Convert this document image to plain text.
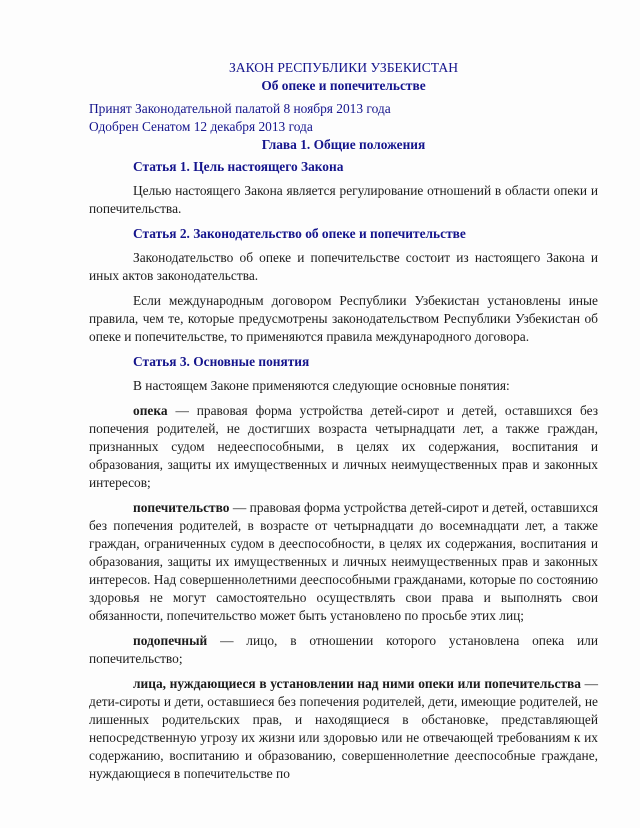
ЗАКОН РЕСПУБЛИКИ УЗБЕКИСТАН

Об опеке и попечительстве

Принят Законодательной палатой 8 ноября 2013 года

Одобрен Сенатом 12 декабря 2013 года

Глава 1. Общие положения

Статья 1. Цель настоящего Закона

Целью настоящего Закона является регулирование отношений в области опеки и попечительства.

Статья 2. Законодательство об опеке и попечительстве

Законодательство об опеке и попечительстве состоит из настоящего Закона и иных актов законодательства.

Если международным договором Республики Узбекистан установлены иные правила, чем те, которые предусмотрены законодательством Республики Узбекистан об опеке и попечительстве, то применяются правила международного договора.

Статья 3. Основные понятия

В настоящем Законе применяются следующие основные понятия:

опека — правовая форма устройства детей-сирот и детей, оставшихся без попечения родителей, не достигших возраста четырнадцати лет, а также граждан, признанных судом недееспособными, в целях их содержания, воспитания и образования, защиты их имущественных и личных неимущественных прав и законных интересов;

попечительство — правовая форма устройства детей-сирот и детей, оставшихся без попечения родителей, в возрасте от четырнадцати до восемнадцати лет, а также граждан, ограниченных судом в дееспособности, в целях их содержания, воспитания и образования, защиты их имущественных и личных неимущественных прав и законных интересов. Над совершеннолетними дееспособными гражданами, которые по состоянию здоровья не могут самостоятельно осуществлять свои права и выполнять свои обязанности, попечительство может быть установлено по просьбе этих лиц;

подопечный — лицо, в отношении которого установлена опека или попечительство;

лица, нуждающиеся в установлении над ними опеки или попечительства — дети-сироты и дети, оставшиеся без попечения родителей, дети, имеющие родителей, не лишенных родительских прав, и находящиеся в обстановке, представляющей непосредственную угрозу их жизни или здоровью или не отвечающей требованиям к их содержанию, воспитанию и образованию, совершеннолетние дееспособные граждане, нуждающиеся в попечительстве по
